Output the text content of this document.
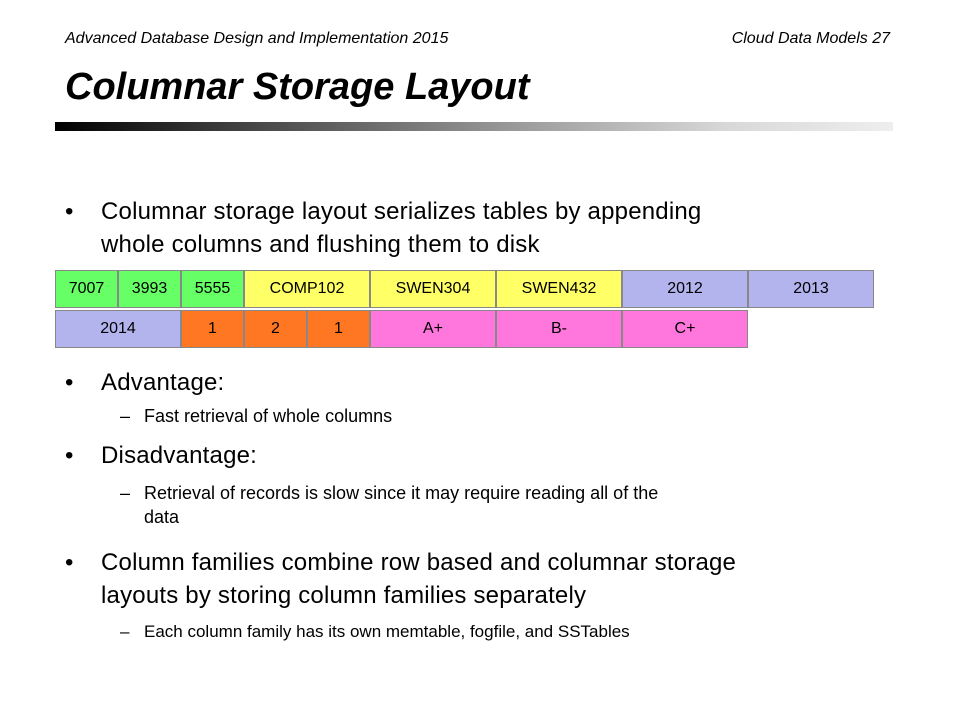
Advanced Database Design and Implementation 2015	Cloud Data Models 27
Columnar Storage Layout
• Columnar storage layout serializes tables by appending
whole columns and flushing them to disk
7007	3993	5555	COMP102	SWEN304	SWEN432	2012	2013
2014	1	2	1	A+	B-	C+
• Advantage:
– Fast retrieval of whole columns
• Disadvantage:
– Retrieval of records is slow since it may require reading all of the
data
• Column families combine row based and columnar storage
layouts by storing column families separately
– Each column family has its own memtable, fogfile, and SSTables
